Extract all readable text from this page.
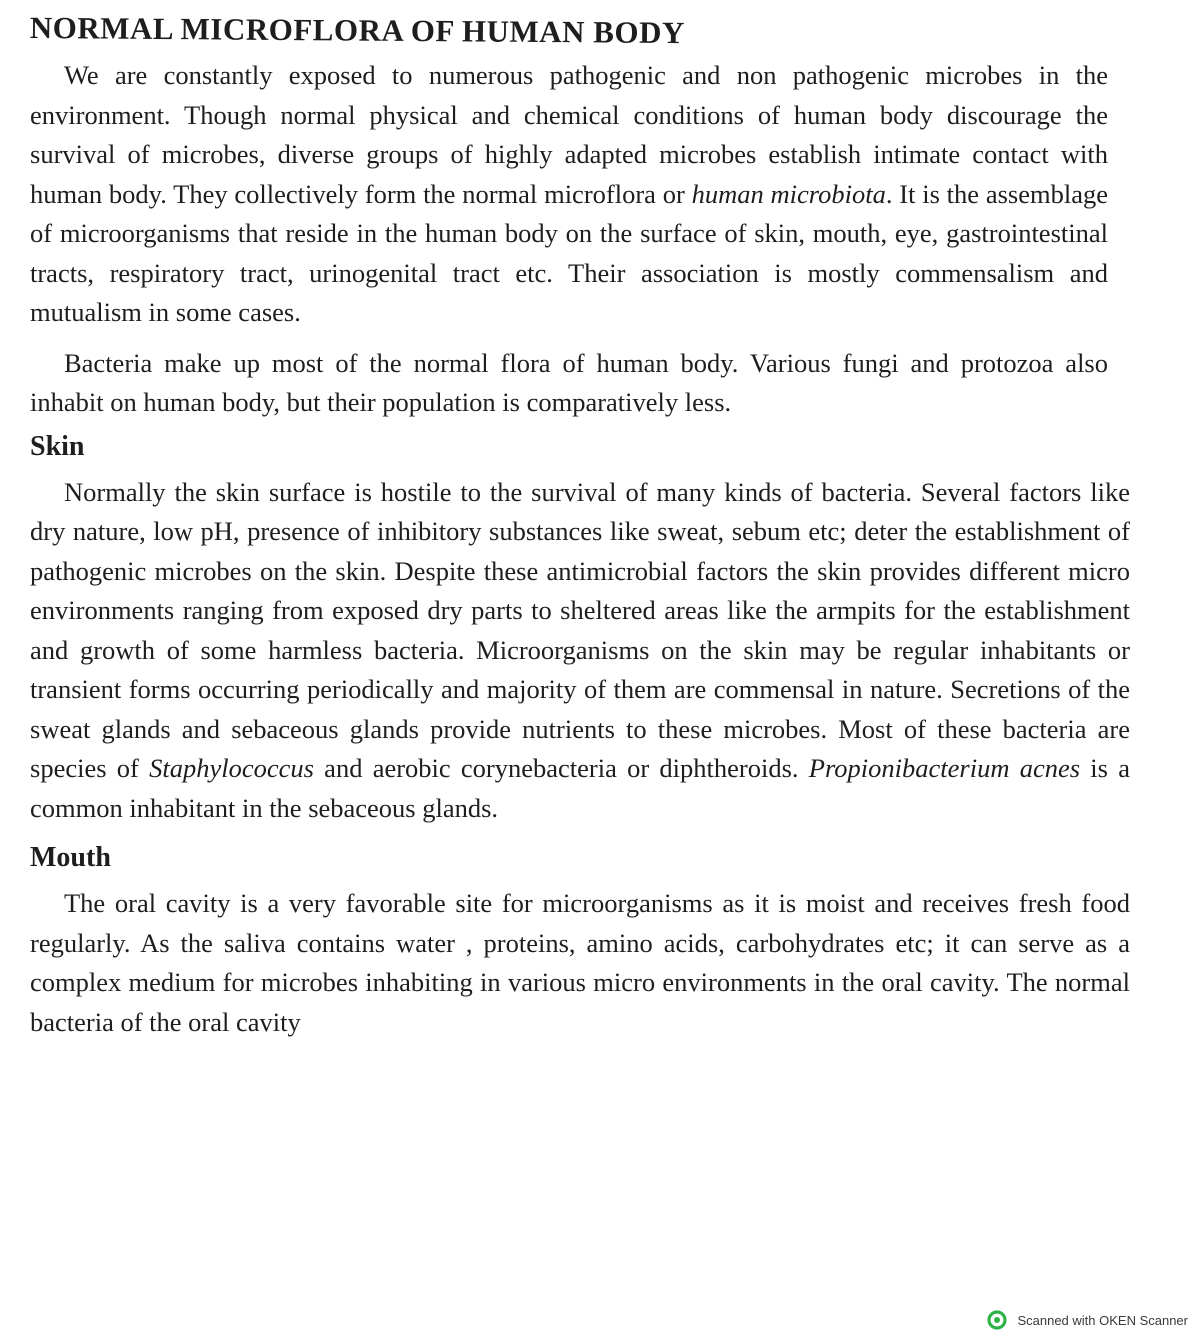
NORMAL MICROFLORA OF HUMAN BODY

We are constantly exposed to numerous pathogenic and non pathogenic microbes in the environment. Though normal physical and chemical conditions of human body discourage the survival of microbes, diverse groups of highly adapted microbes establish intimate contact with human body. They collectively form the normal microflora or human microbiota. It is the assemblage of microorganisms that reside in the human body on the surface of skin, mouth, eye, gastrointestinal tracts, respiratory tract, urinogenital tract etc. Their association is mostly commensalism and mutualism in some cases.

Bacteria make up most of the normal flora of human body. Various fungi and protozoa also inhabit on human body, but their population is comparatively less.

Skin

Normally the skin surface is hostile to the survival of many kinds of bacteria. Several factors like dry nature, low pH, presence of inhibitory substances like sweat, sebum etc; deter the establishment of pathogenic microbes on the skin. Despite these antimicrobial factors the skin provides different micro environments ranging from exposed dry parts to sheltered areas like the armpits for the establishment and growth of some harmless bacteria. Microorganisms on the skin may be regular inhabitants or transient forms occurring periodically and majority of them are commensal in nature. Secretions of the sweat glands and sebaceous glands provide nutrients to these microbes. Most of these bacteria are species of Staphylococcus and aerobic corynebacteria or diphtheroids. Propionibacterium acnes is a common inhabitant in the sebaceous glands.

Mouth

The oral cavity is a very favorable site for microorganisms as it is moist and receives fresh food regularly. As the saliva contains water , proteins, amino acids, carbohydrates etc; it can serve as a complex medium for microbes inhabiting in various micro environments in the oral cavity. The normal bacteria of the oral cavity

Scanned with OKEN Scanner
